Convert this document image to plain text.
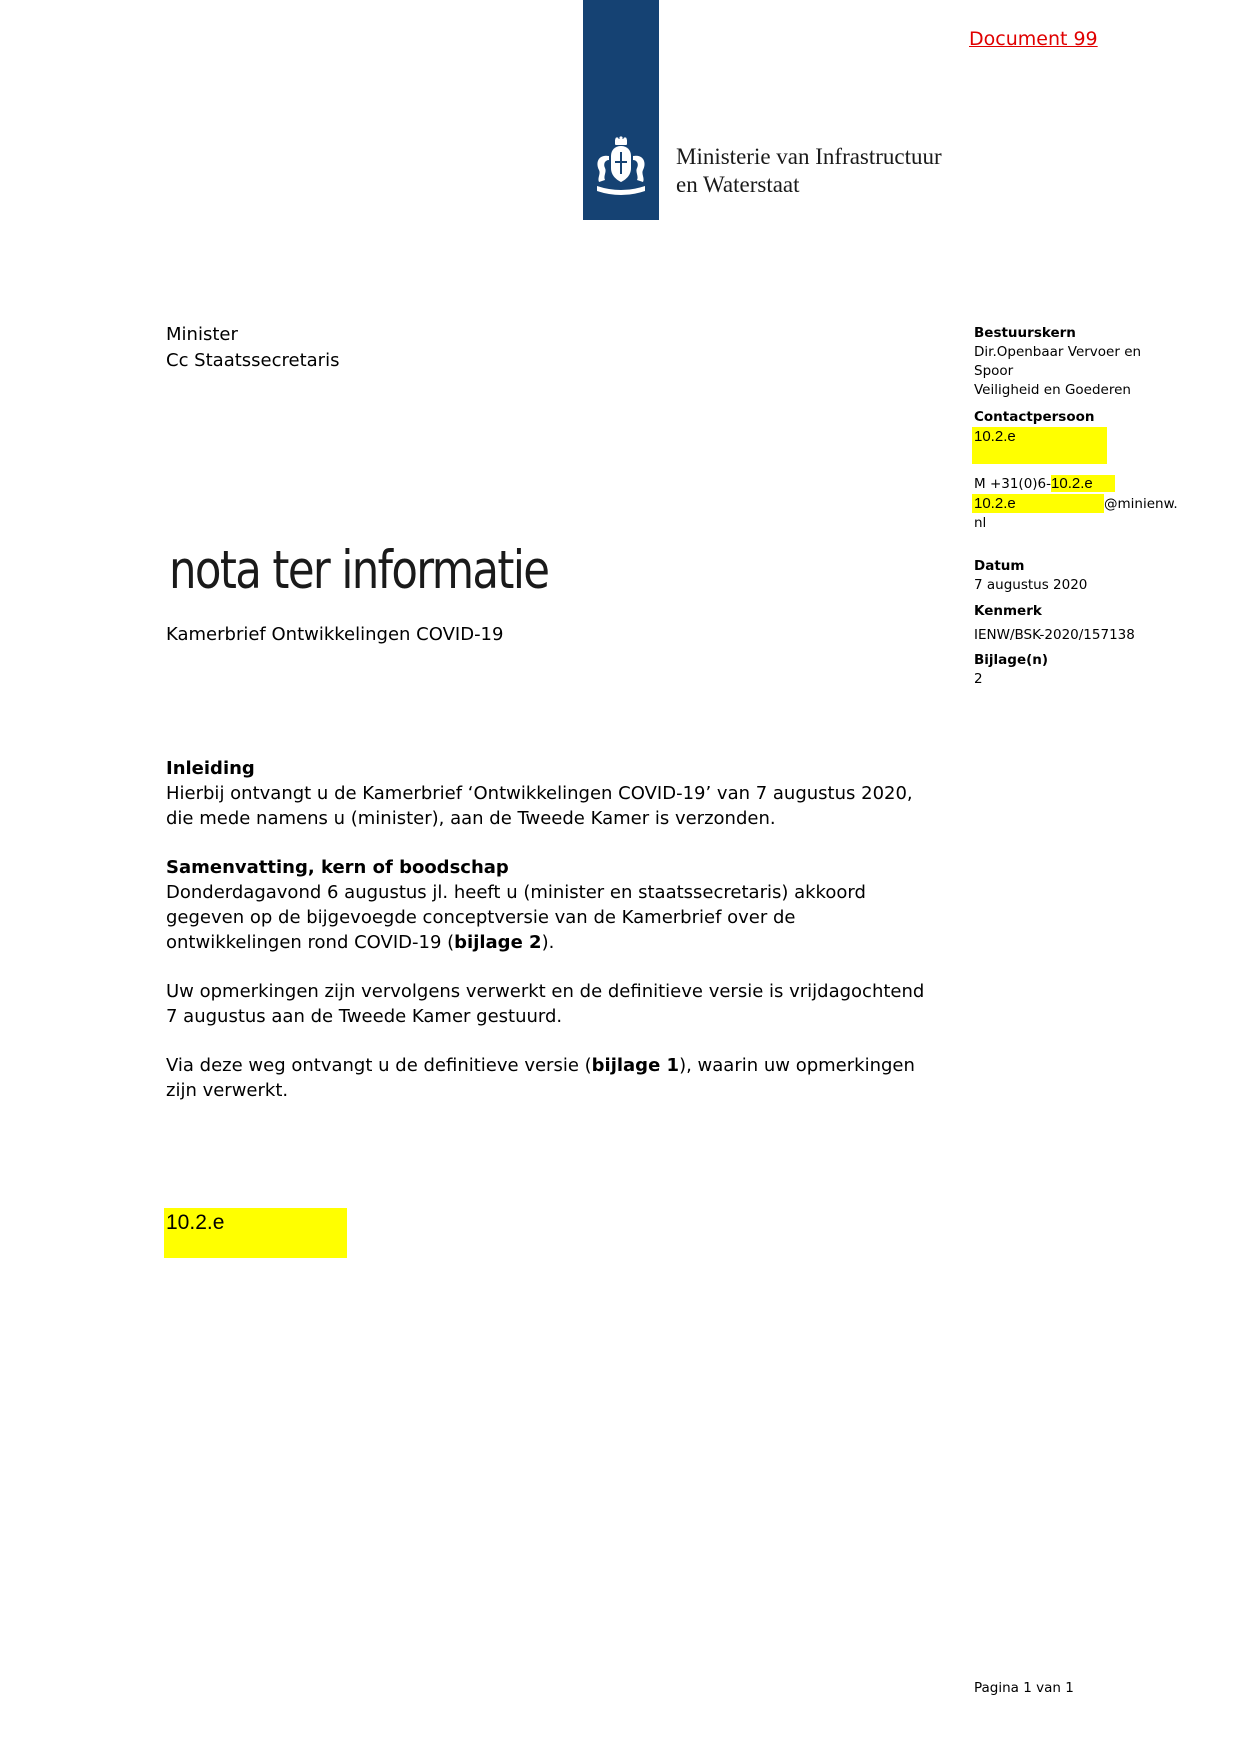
Document 99
Ministerie van Infrastructuur
en Waterstaat
Minister
Cc Staatssecretaris
nota ter informatie
Kamerbrief Ontwikkelingen COVID-19
Bestuurskern
Dir.Openbaar Vervoer en
Spoor
Veiligheid en Goederen
Contactpersoon
10.2.e
M +31(0)6-10.2.e
10.2.e	@minienw.
nl
Datum
7 augustus 2020
Kenmerk
IENW/BSK-2020/157138
Bijlage(n)
2

Inleiding
Hierbij ontvangt u de Kamerbrief ‘Ontwikkelingen COVID-19’ van 7 augustus 2020, die mede namens u (minister), aan de Tweede Kamer is verzonden.

Samenvatting, kern of boodschap
Donderdagavond 6 augustus jl. heeft u (minister en staatssecretaris) akkoord gegeven op de bijgevoegde conceptversie van de Kamerbrief over de ontwikkelingen rond COVID-19 (bijlage 2).

Uw opmerkingen zijn vervolgens verwerkt en de definitieve versie is vrijdagochtend 7 augustus aan de Tweede Kamer gestuurd.

Via deze weg ontvangt u de definitieve versie (bijlage 1), waarin uw opmerkingen zijn verwerkt.

10.2.e
Pagina 1 van 1
